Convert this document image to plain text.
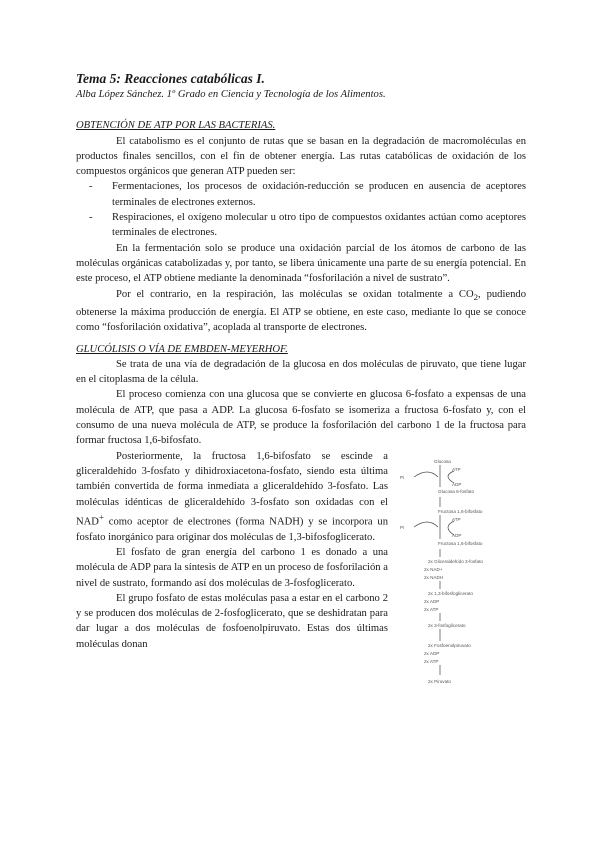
Tema 5: Reacciones catabólicas I.
Alba López Sánchez. 1º Grado en Ciencia y Tecnología de los Alimentos.
OBTENCIÓN DE ATP POR LAS BACTERIAS.

El catabolismo es el conjunto de rutas que se basan en la degradación de macromoléculas en productos finales sencillos, con el fin de obtener energía. Las rutas catabólicas de oxidación de los compuestos orgánicos que generan ATP pueden ser:

- Fermentaciones, los procesos de oxidación-reducción se producen en ausencia de aceptores terminales de electrones externos.
- Respiraciones, el oxígeno molecular u otro tipo de compuestos oxidantes actúan como aceptores terminales de electrones.

En la fermentación solo se produce una oxidación parcial de los átomos de carbono de las moléculas orgánicas catabolizadas y, por tanto, se libera únicamente una parte de su energía potencial. En este proceso, el ATP obtiene mediante la denominada “fosforilación a nivel de sustrato”.

Por el contrario, en la respiración, las moléculas se oxidan totalmente a $CO_2$, pudiendo obtenerse la máxima producción de energía. El ATP se obtiene, en este caso, mediante lo que se conoce como “fosforilación oxidativa”, acoplada al transporte de electrones.

GLUCÓLISIS O VÍA DE EMBDEN-MEYERHOF.

Se trata de una vía de degradación de la glucosa en dos moléculas de piruvato, que tiene lugar en el citoplasma de la célula.

El proceso comienza con una glucosa que se convierte en glucosa 6-fosfato a expensas de una molécula de ATP, que pasa a ADP. La glucosa 6-fosfato se isomeriza a fructosa 6-fosfato y, con el consumo de una nueva molécula de ATP, se produce la fosforilación del carbono 1 de la fructosa para formar fructosa 1,6-bifosfato.

Posteriormente, la fructosa 1,6-bifosfato se escinde a gliceraldehído 3-fosfato y dihidroxiacetona-fosfato, siendo esta última también convertida de forma inmediata a gliceraldehído 3-fosfato. Las moléculas idénticas de gliceraldehído 3-fosfato son oxidadas con el NAD+ como aceptor de electrones (forma NADH) y se incorpora un fosfato inorgánico para originar dos moléculas de 1,3-bifosfoglicerato.

El fosfato de gran energía del carbono 1 es donado a una molécula de ADP para la síntesis de ATP en un proceso de fosforilación a nivel de sustrato, formando así dos moléculas de 3-fosfoglicerato.

El grupo fosfato de estas moléculas pasa a estar en el carbono 2 y se producen dos moléculas de 2-fosfoglicerato, que se deshidratan para dar lugar a dos moléculas de fosfoenolpiruvato. Estas dos últimas moléculas donan

Glucosa
ATP
ADP
Pi
Glucosa 6-fosfato
Fructosa 1,6-bifosfato
ATP
ADP
Pi
Fructosa 1,6-bifosfato
2x Gliceraldehído 3-fosfato
2x NAD+
2x NADH
2x 1,3-bifosfoglicerato
2x ADP
2x ATP
2x 3-fosfoglicerato
2x Fosfoenolpiruvato
2x ADP
2x ATP
2x Piruvato
